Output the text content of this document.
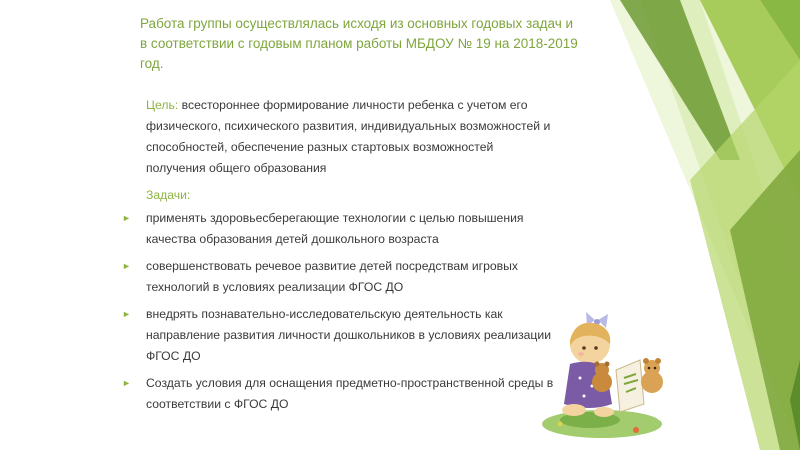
Работа группы осуществлялась исходя из основных годовых задач и в соответствии с годовым планом работы МБДОУ № 19 на 2018-2019 год.

Цель: всестороннее формирование личности ребенка с учетом его физического, психического развития, индивидуальных возможностей и способностей, обеспечение разных стартовых возможностей получения общего образования

Задачи:

► применять здоровьесберегающие технологии с целью повышения качества образования детей дошкольного возраста
► совершенствовать речевое развитие детей посредствам игровых технологий в условиях реализации ФГОС ДО
► внедрять познавательно-исследовательскую деятельность как направление развития личности дошкольников в условиях реализации ФГОС ДО
► Создать условия для оснащения предметно-пространственной среды в соответствии с ФГОС ДО
